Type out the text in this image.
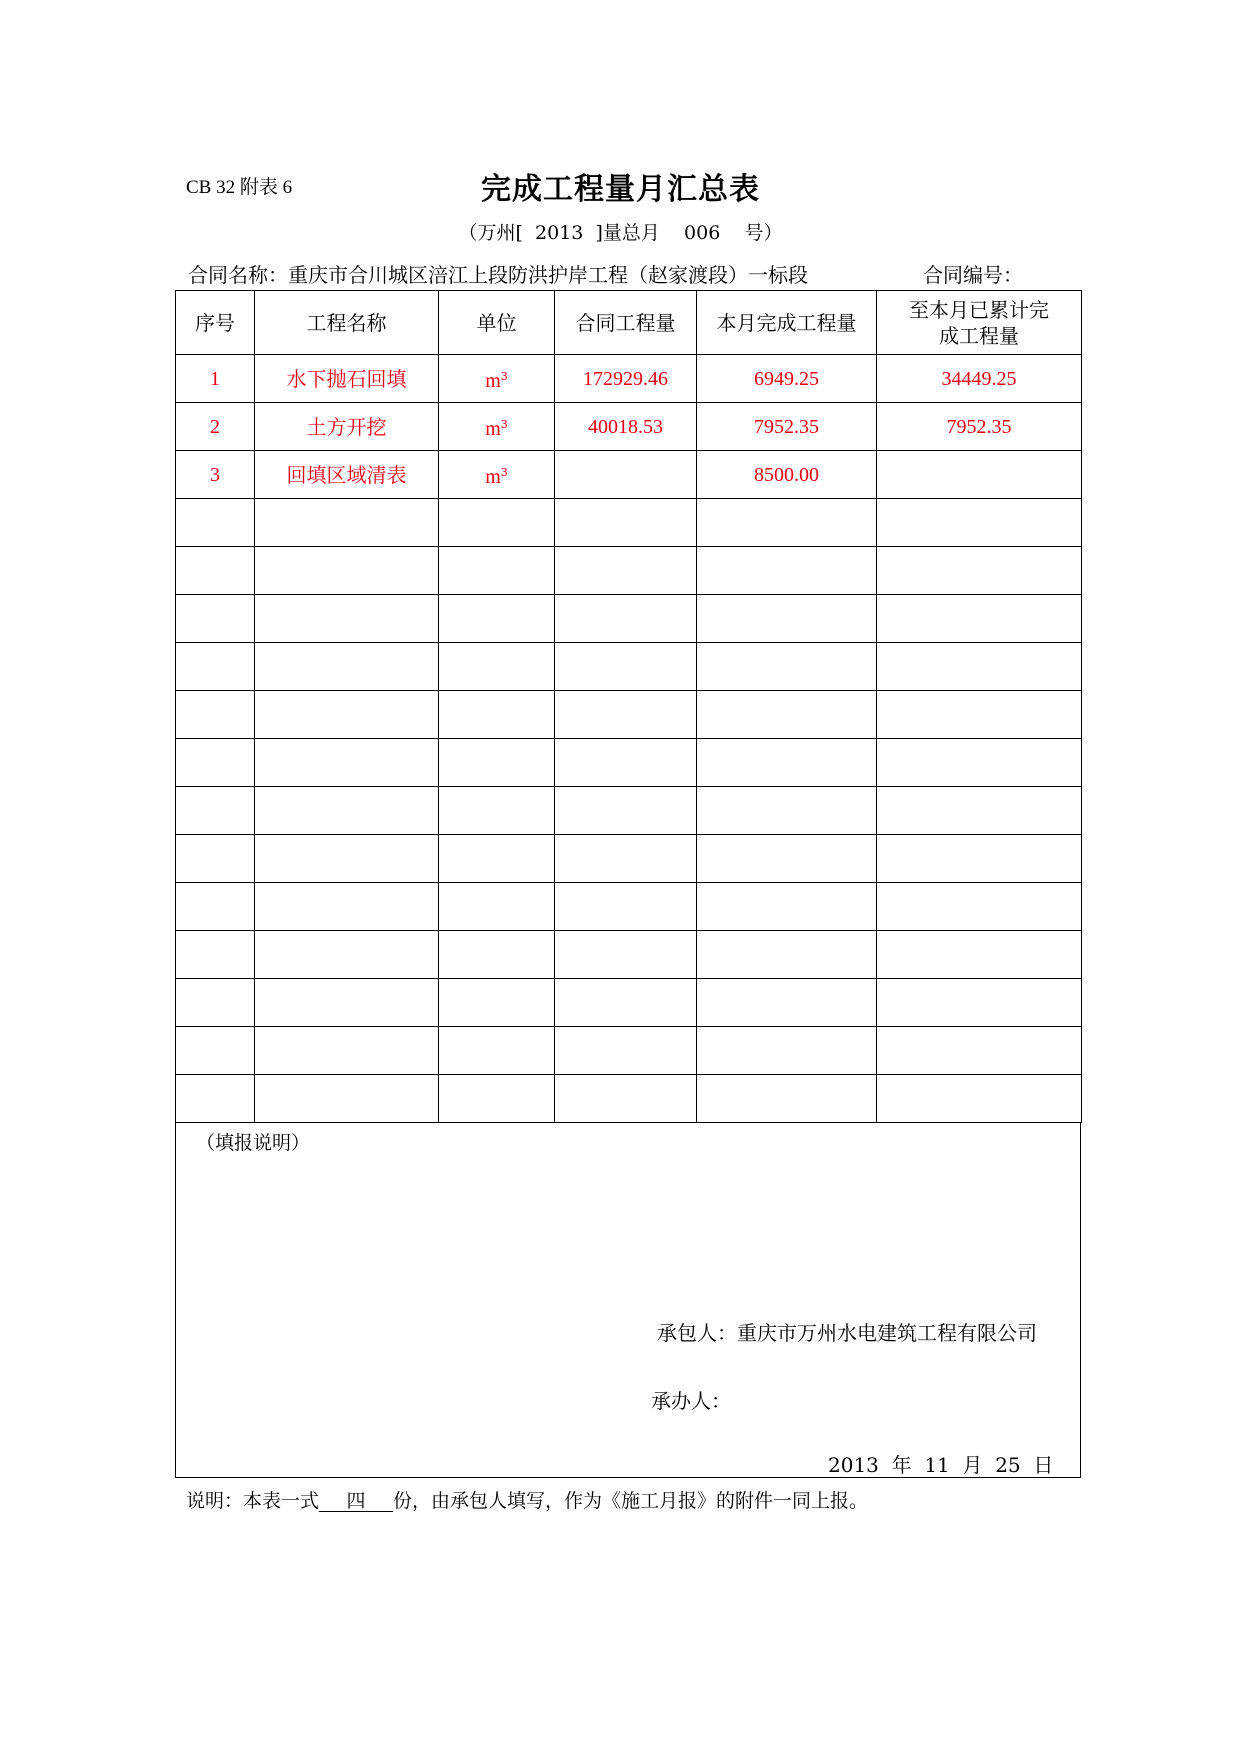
CB 32 附表 6	完成工程量月汇总表
（万州[  2013  ]量总月    006    号）
合同名称：重庆市合川城区涪江上段防洪护岸工程（赵家渡段）一标段	合同编号：
序号	工程名称	单位	合同工程量	本月完成工程量	至本月已累计完成工程量
1	水下抛石回填	$m^3$	172929.46	6949.25	34449.25
2	土方开挖	$m^3$	40018.53	7952.35	7952.35
3	回填区域清表	$m^3$		8500.00	

（填报说明）
承包人：重庆市万州水电建筑工程有限公司
承办人：
2013  年  11  月  25  日
说明：本表一式 四 份，由承包人填写，作为《施工月报》的附件一同上报。
